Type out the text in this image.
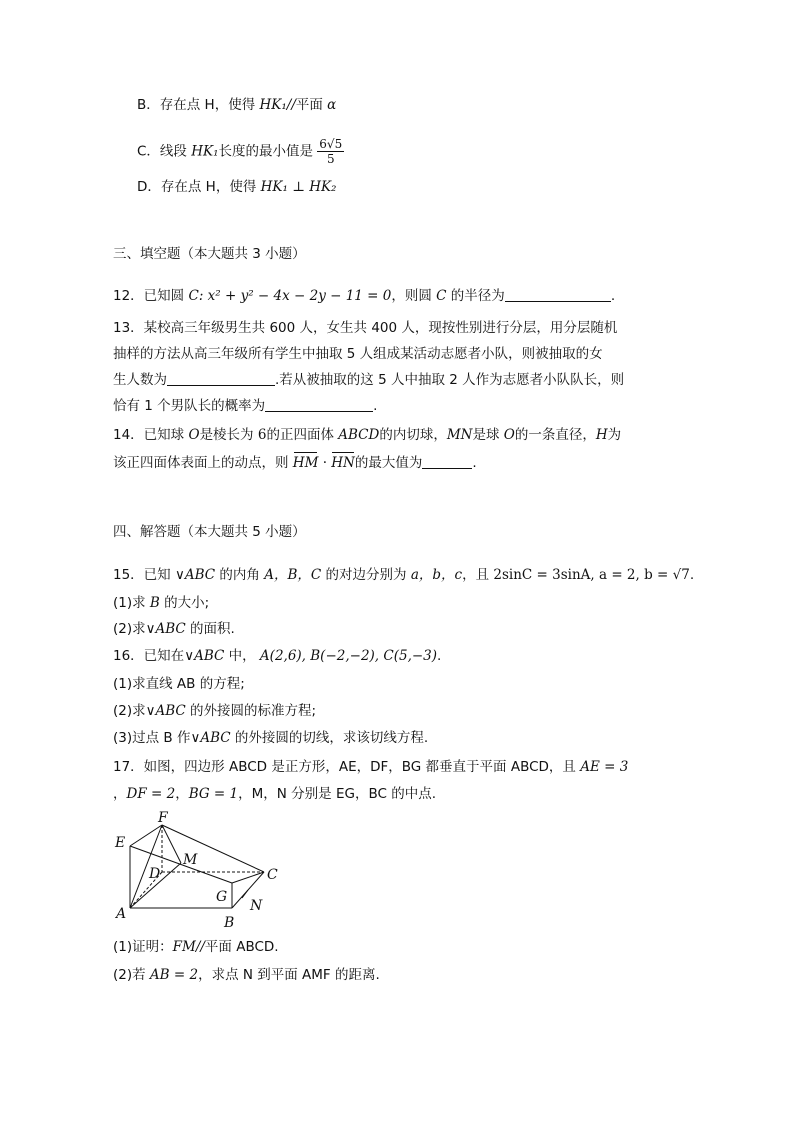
B．存在点 H，使得 HK₁//平面 α
C．线段 HK₁长度的最小值是 $\frac{6√5}{5}$
D．存在点 H，使得 HK₁ ⊥ HK₂
三、填空题（本大题共 3 小题）
12．已知圆 C: x² + y² − 4x − 2y − 11 = 0，则圆 C 的半径为	.
13．某校高三年级男生共 600 人，女生共 400 人，现按性别进行分层，用分层随机
抽样的方法从高三年级所有学生中抽取 5 人组成某活动志愿者小队，则被抽取的女
生人数为	.若从被抽取的这 5 人中抽取 2 人作为志愿者小队队长，则
恰有 1 个男队长的概率为	.
14．已知球 O是棱长为 6的正四面体 ABCD的内切球，MN是球 O的一条直径，H为
该正四面体表面上的动点，则 HM · HN的最大值为	.
四、解答题（本大题共 5 小题）
15．已知 ∨ABC 的内角 A，B，C 的对边分别为 a，b，c，且 2sinC = 3sinA, a = 2, b = √7.
(1)求 B 的大小;
(2)求∨ABC 的面积.
16．已知在∨ABC 中， A(2,6), B(−2,−2), C(5,−3).
(1)求直线 AB 的方程;
(2)求∨ABC 的外接圆的标准方程;
(3)过点 B 作∨ABC 的外接圆的切线，求该切线方程.
17．如图，四边形 ABCD 是正方形，AE，DF，BG 都垂直于平面 ABCD，且 AE = 3
，DF = 2，BG = 1，M，N 分别是 EG，BC 的中点.
F
E
M
D	C
G
N
A
B
(1)证明：FM//平面 ABCD.
(2)若 AB = 2，求点 N 到平面 AMF 的距离.
